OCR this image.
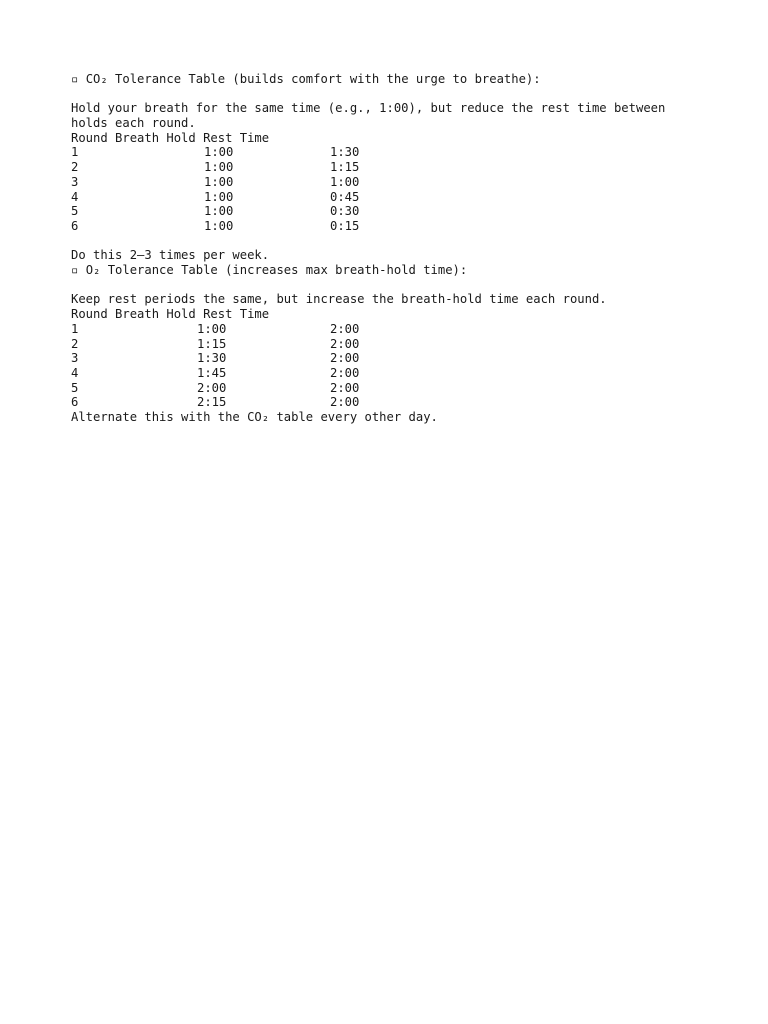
▫ CO₂ Tolerance Table (builds comfort with the urge to breathe):
Hold your breath for the same time (e.g., 1:00), but reduce the rest time between holds each round.
Round Breath Hold Rest Time
1	1:00	1:30
2	1:00	1:15
3	1:00	1:00
4	1:00	0:45
5	1:00	0:30
6	1:00	0:15
Do this 2–3 times per week.
▫ O₂ Tolerance Table (increases max breath-hold time):
Keep rest periods the same, but increase the breath-hold time each round.
Round Breath Hold Rest Time
1	1:00	2:00
2	1:15	2:00
3	1:30	2:00
4	1:45	2:00
5	2:00	2:00
6	2:15	2:00
Alternate this with the CO₂ table every other day.
